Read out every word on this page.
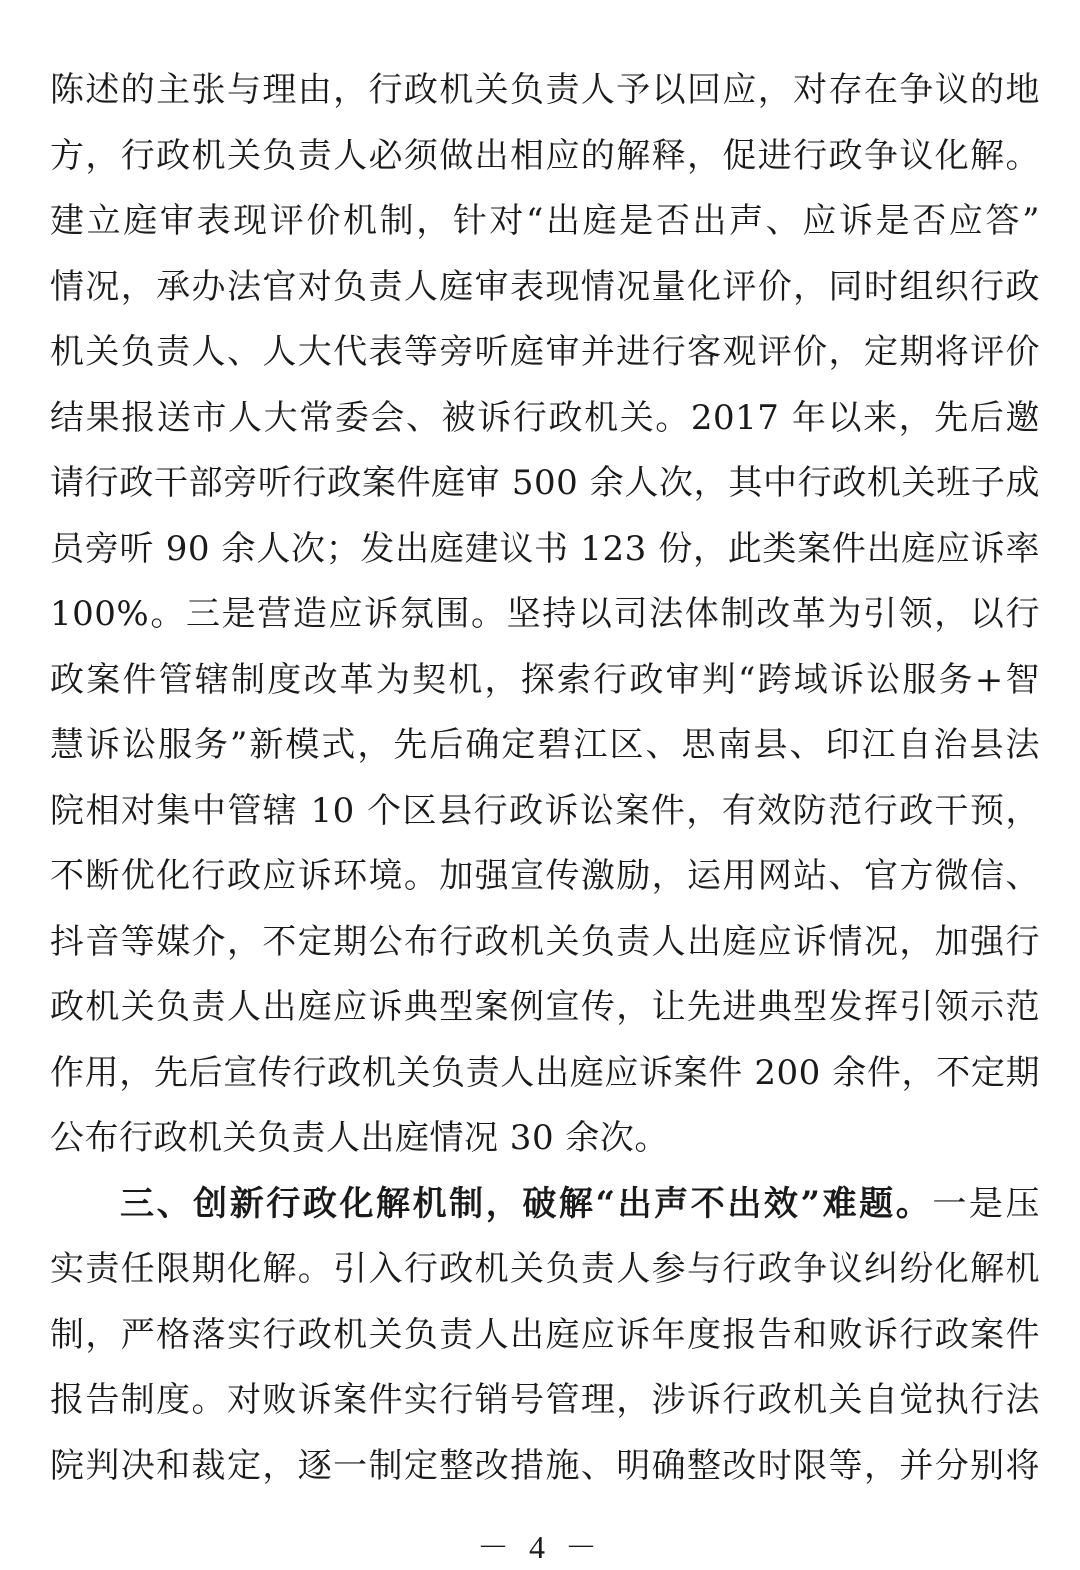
陈述的主张与理由，行政机关负责人予以回应，对存在争议的地
方，行政机关负责人必须做出相应的解释，促进行政争议化解。
建立庭审表现评价机制，针对“出庭是否出声、应诉是否应答”
情况，承办法官对负责人庭审表现情况量化评价，同时组织行政
机关负责人、人大代表等旁听庭审并进行客观评价，定期将评价
结果报送市人大常委会、被诉行政机关。2017 年以来，先后邀
请行政干部旁听行政案件庭审 500 余人次，其中行政机关班子成
员旁听 90 余人次；发出庭建议书 123 份，此类案件出庭应诉率
100%。三是营造应诉氛围。坚持以司法体制改革为引领，以行
政案件管辖制度改革为契机，探索行政审判“跨域诉讼服务+智
慧诉讼服务”新模式，先后确定碧江区、思南县、印江自治县法
院相对集中管辖 10 个区县行政诉讼案件，有效防范行政干预，
不断优化行政应诉环境。加强宣传激励，运用网站、官方微信、
抖音等媒介，不定期公布行政机关负责人出庭应诉情况，加强行
政机关负责人出庭应诉典型案例宣传，让先进典型发挥引领示范
作用，先后宣传行政机关负责人出庭应诉案件 200 余件，不定期
公布行政机关负责人出庭情况 30 余次。
三、创新行政化解机制，破解“出声不出效”难题。一是压
实责任限期化解。引入行政机关负责人参与行政争议纠纷化解机
制，严格落实行政机关负责人出庭应诉年度报告和败诉行政案件
报告制度。对败诉案件实行销号管理，涉诉行政机关自觉执行法
院判决和裁定，逐一制定整改措施、明确整改时限等，并分别将
－ 4 －
